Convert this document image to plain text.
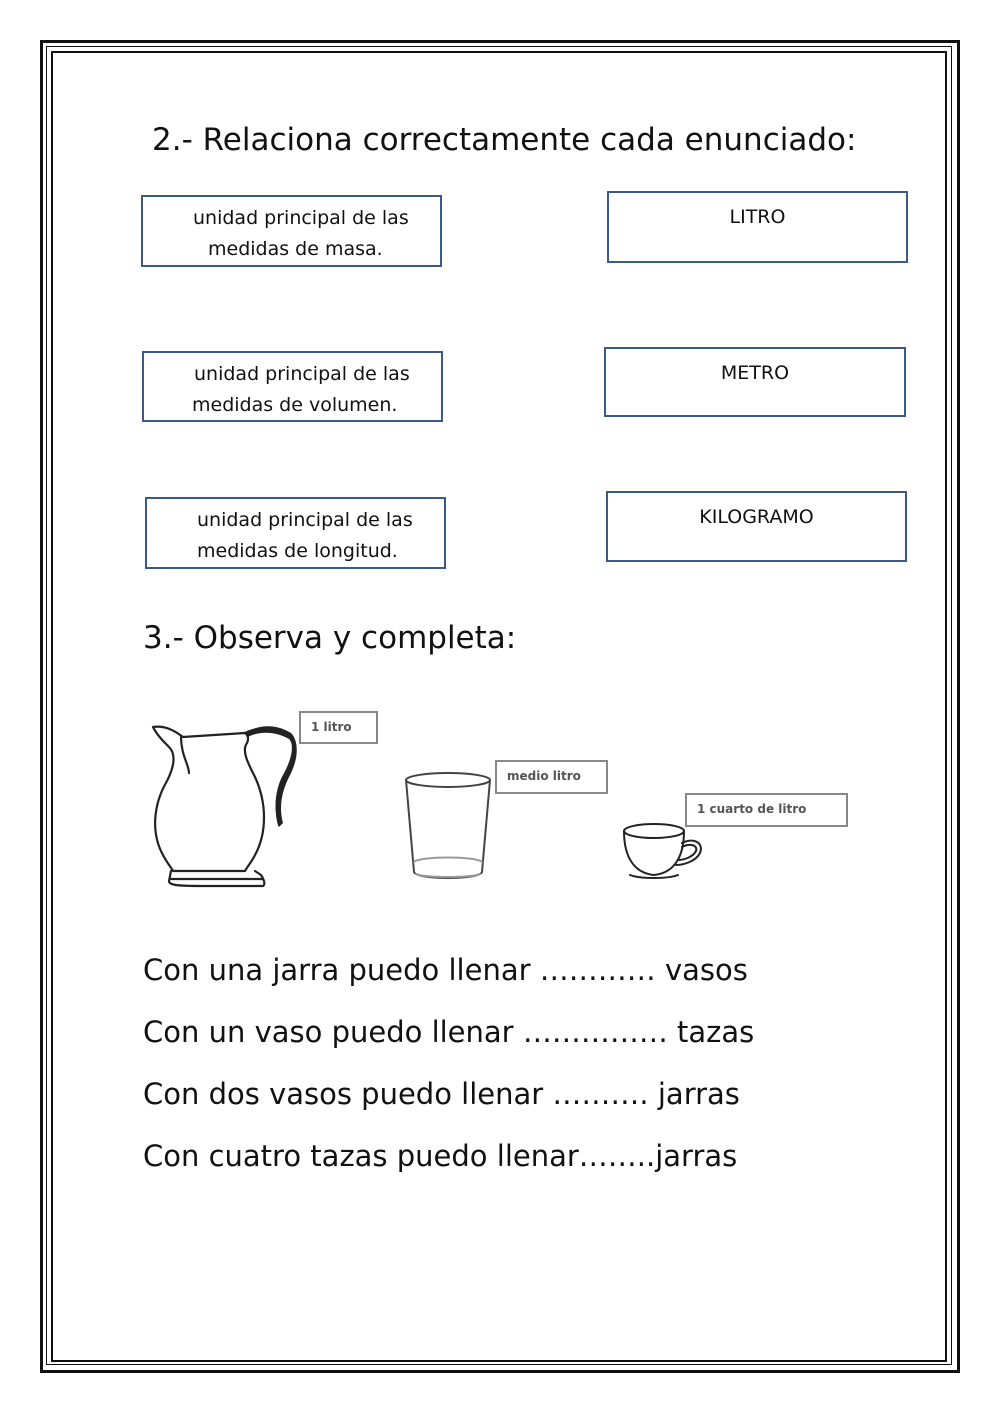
2.- Relaciona correctamente cada enunciado:
unidad principal de las
medidas de masa.
unidad principal de las
medidas de volumen.
unidad principal de las
medidas de longitud.
LITRO
METRO
KILOGRAMO
3.- Observa y completa:
1 litro
medio litro
1 cuarto de litro
Con una jarra puedo llenar ………… vasos
Con un vaso puedo llenar …………… tazas
Con dos vasos puedo llenar ………. jarras
Con cuatro tazas puedo llenar……..jarras
